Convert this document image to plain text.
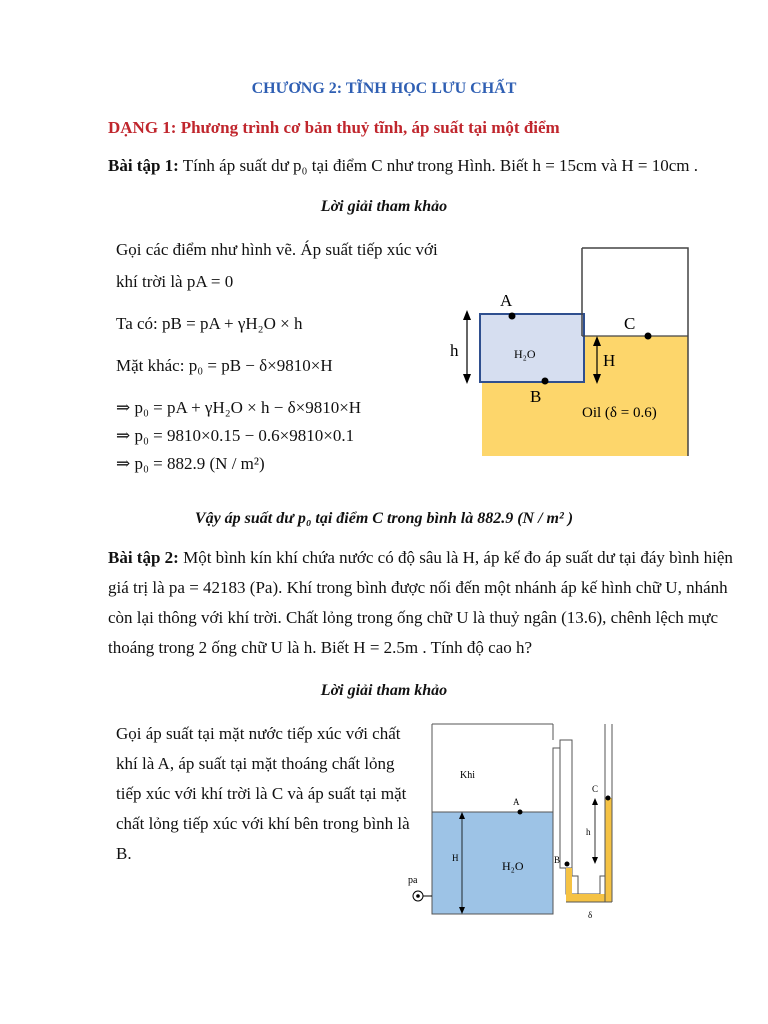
CHƯƠNG 2: TĨNH HỌC LƯU CHẤT
DẠNG 1: Phương trình cơ bản thuỷ tĩnh, áp suất tại một điểm
Bài tập 1: Tính áp suất dư p₀ tại điểm C như trong Hình. Biết h = 15cm và H = 10cm .
Lời giải tham khảo
Gọi các điểm như hình vẽ. Áp suất tiếp xúc với
khí trời là pA = 0
Ta có: pB = pA + γH₂O × h
Mặt khác: p₀ = pB − δ×9810×H
⇒ p₀ = pA + γH₂O × h − δ×9810×H
⇒ p₀ = 9810×0.15 − 0.6×9810×0.1
⇒ p₀ = 882.9 (N / m²)
A
B
C
h
H
H₂O
Oil (δ = 0.6)
Vậy áp suất dư p₀ tại điểm C trong bình là 882.9 (N / m² )
Bài tập 2: Một bình kín khí chứa nước có độ sâu là H, áp kế đo áp suất dư tại đáy bình hiện
giá trị là pa = 42183 (Pa). Khí trong bình được nối đến một nhánh áp kế hình chữ U, nhánh
còn lại thông với khí trời. Chất lỏng trong ống chữ U là thuỷ ngân (13.6), chênh lệch mực
thoáng trong 2 ống chữ U là h. Biết H = 2.5m . Tính độ cao h?
Lời giải tham khảo
Gọi áp suất tại mặt nước tiếp xúc với chất
khí là A, áp suất tại mặt thoáng chất lỏng
tiếp xúc với khí trời là C và áp suất tại mặt
chất lỏng tiếp xúc với khí bên trong bình là
B.
Khi
A
B
C
H
h
H₂O
pa
δ
